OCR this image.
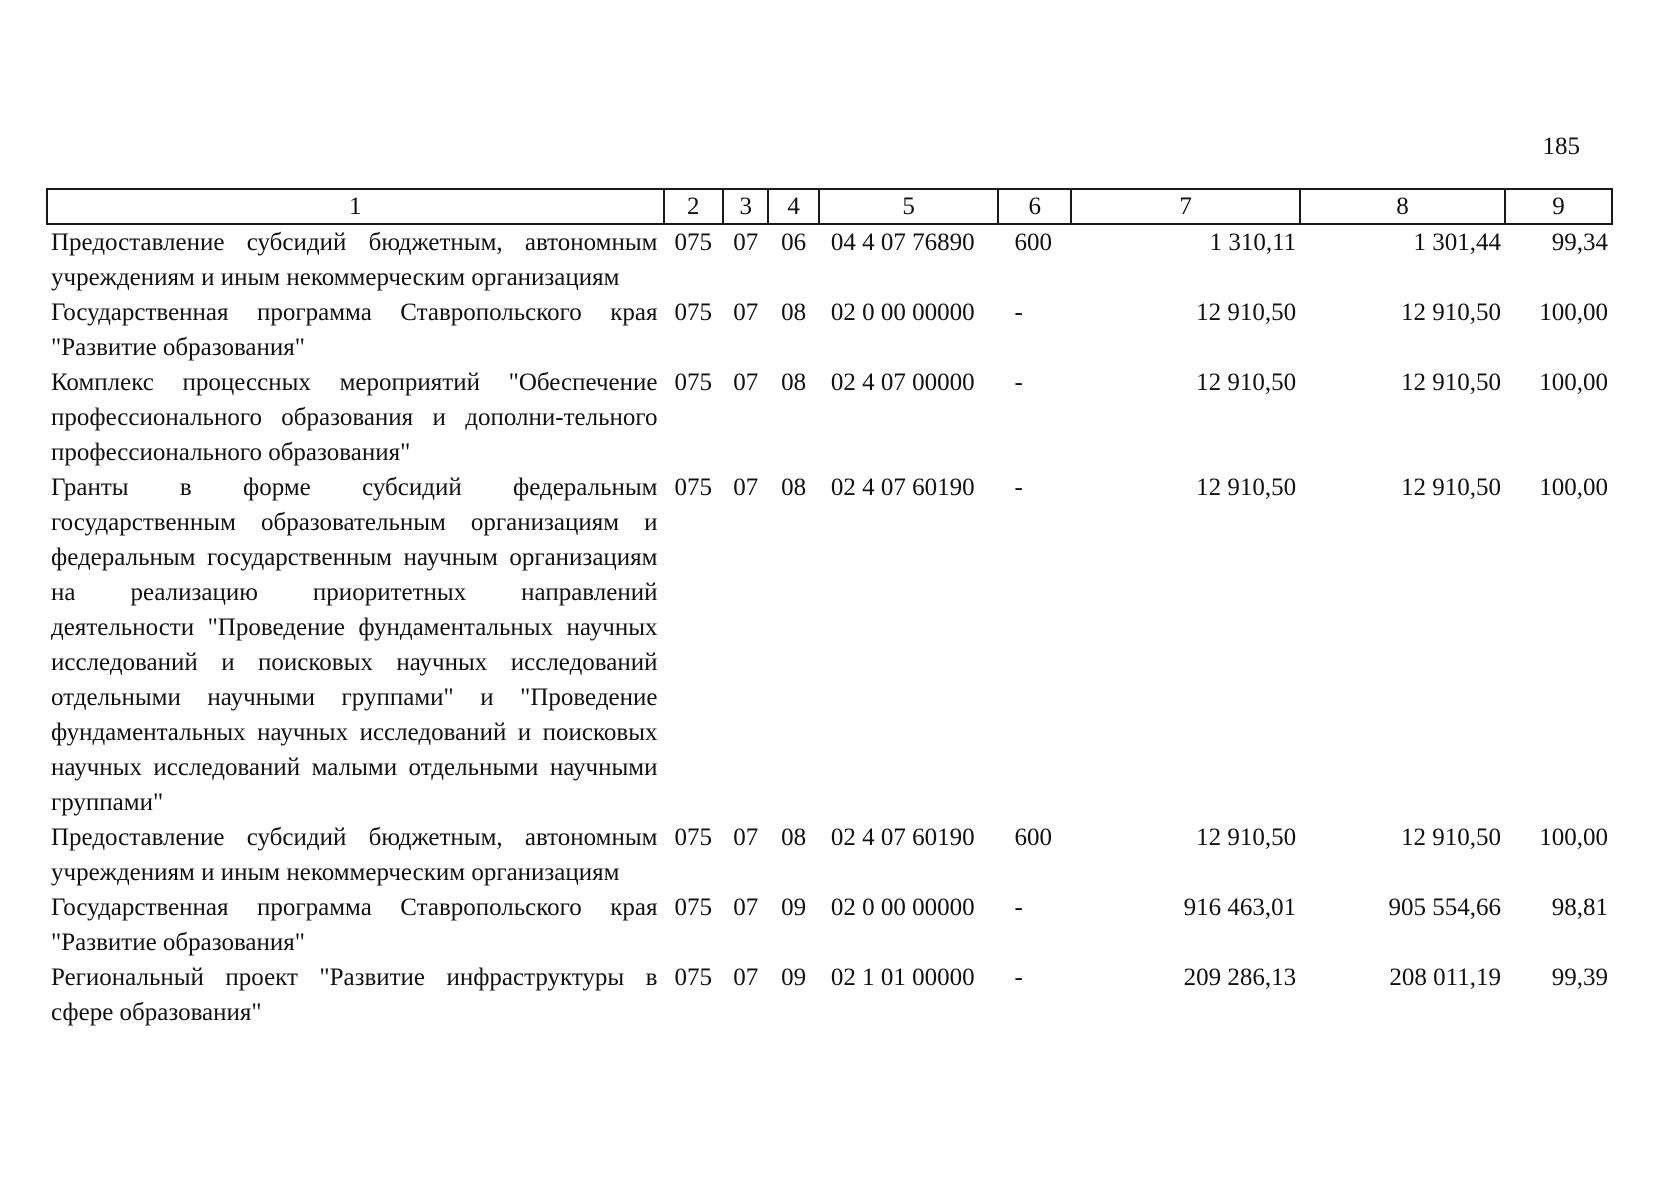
185
1	2	3	4	5	6	7	8	9
Предоставление субсидий бюджетным, автономным учреждениям и иным некоммерческим организациям	075	07	06	04 4 07 76890	600	1 310,11	1 301,44	99,34
Государственная программа Ставропольского края "Развитие образования"	075	07	08	02 0 00 00000	-	12 910,50	12 910,50	100,00
Комплекс процессных мероприятий "Обеспечение профессионального образования и дополни-тельного профессионального образования"	075	07	08	02 4 07 00000	-	12 910,50	12 910,50	100,00
Гранты в форме субсидий федеральным государственным образовательным организациям и федеральным государственным научным организациям на реализацию приоритетных направлений деятельности "Проведение фундаментальных научных исследований и поисковых научных исследований отдельными научными группами" и "Проведение фундаментальных научных исследований и поисковых научных исследований малыми отдельными научными группами"	075	07	08	02 4 07 60190	-	12 910,50	12 910,50	100,00
Предоставление субсидий бюджетным, автономным учреждениям и иным некоммерческим организациям	075	07	08	02 4 07 60190	600	12 910,50	12 910,50	100,00
Государственная программа Ставропольского края "Развитие образования"	075	07	09	02 0 00 00000	-	916 463,01	905 554,66	98,81
Региональный проект "Развитие инфраструктуры в сфере образования"	075	07	09	02 1 01 00000	-	209 286,13	208 011,19	99,39
